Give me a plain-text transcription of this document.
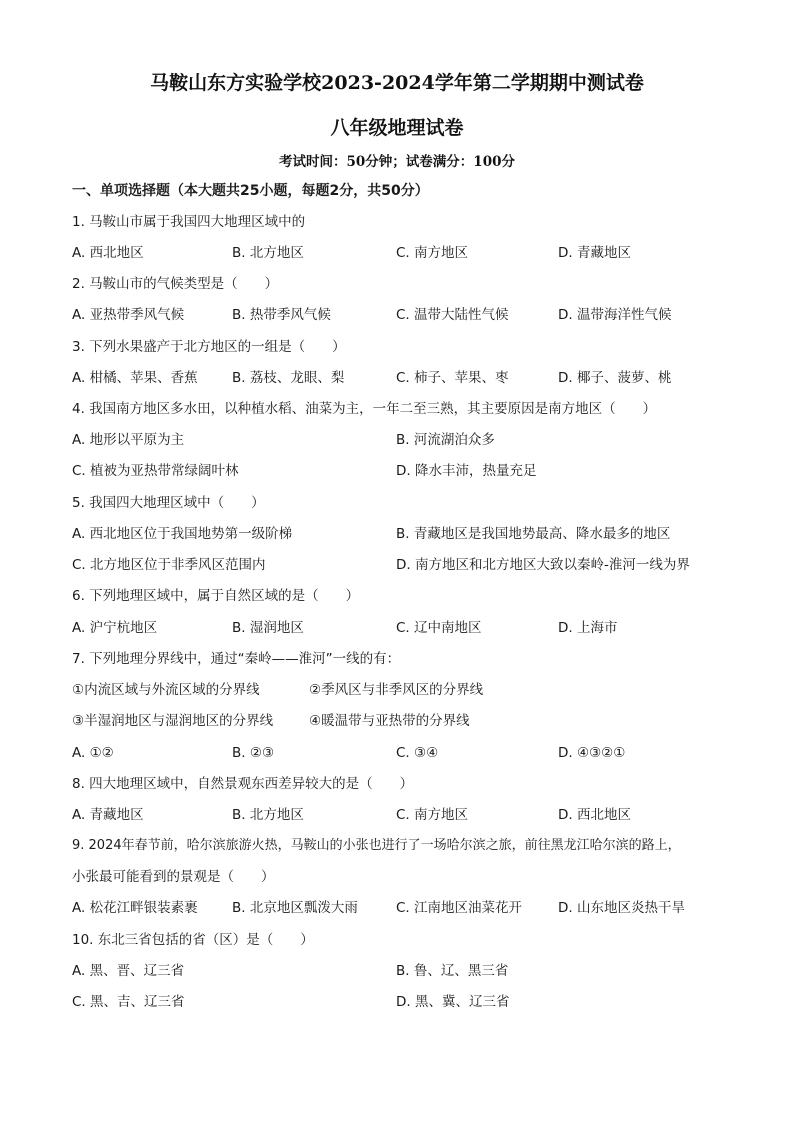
马鞍山东方实验学校2023-2024学年第二学期期中测试卷
八年级地理试卷
考试时间：50分钟；试卷满分：100分
一、单项选择题（本大题共25小题，每题2分，共50分）
1. 马鞍山市属于我国四大地理区域中的
A. 西北地区	B. 北方地区	C. 南方地区	D. 青藏地区
2. 马鞍山市的气候类型是（　　）
A. 亚热带季风气候	B. 热带季风气候	C. 温带大陆性气候	D. 温带海洋性气候
3. 下列水果盛产于北方地区的一组是（　　）
A. 柑橘、苹果、香蕉	B. 荔枝、龙眼、梨	C. 柿子、苹果、枣	D. 椰子、菠萝、桃
4. 我国南方地区多水田，以种植水稻、油菜为主，一年二至三熟，其主要原因是南方地区（　　）
A. 地形以平原为主	B. 河流湖泊众多
C. 植被为亚热带常绿阔叶林	D. 降水丰沛，热量充足
5. 我国四大地理区域中（　　）
A. 西北地区位于我国地势第一级阶梯	B. 青藏地区是我国地势最高、降水最多的地区
C. 北方地区位于非季风区范围内	D. 南方地区和北方地区大致以秦岭-淮河一线为界
6. 下列地理区域中，属于自然区域的是（　　）
A. 沪宁杭地区	B. 湿润地区	C. 辽中南地区	D. 上海市
7. 下列地理分界线中，通过“秦岭——淮河”一线的有：
①内流区域与外流区域的分界线	②季风区与非季风区的分界线
③半湿润地区与湿润地区的分界线	④暖温带与亚热带的分界线
A. ①②	B. ②③	C. ③④	D. ④③②①
8. 四大地理区域中，自然景观东西差异较大的是（　　）
A. 青藏地区	B. 北方地区	C. 南方地区	D. 西北地区
9. 2024年春节前，哈尔滨旅游火热，马鞍山的小张也进行了一场哈尔滨之旅，前往黑龙江哈尔滨的路上，
小张最可能看到的景观是（　　）
A. 松花江畔银装素裹	B. 北京地区瓢泼大雨	C. 江南地区油菜花开	D. 山东地区炎热干旱
10. 东北三省包括的省（区）是（　　）
A. 黑、晋、辽三省	B. 鲁、辽、黑三省
C. 黑、吉、辽三省	D. 黑、冀、辽三省
